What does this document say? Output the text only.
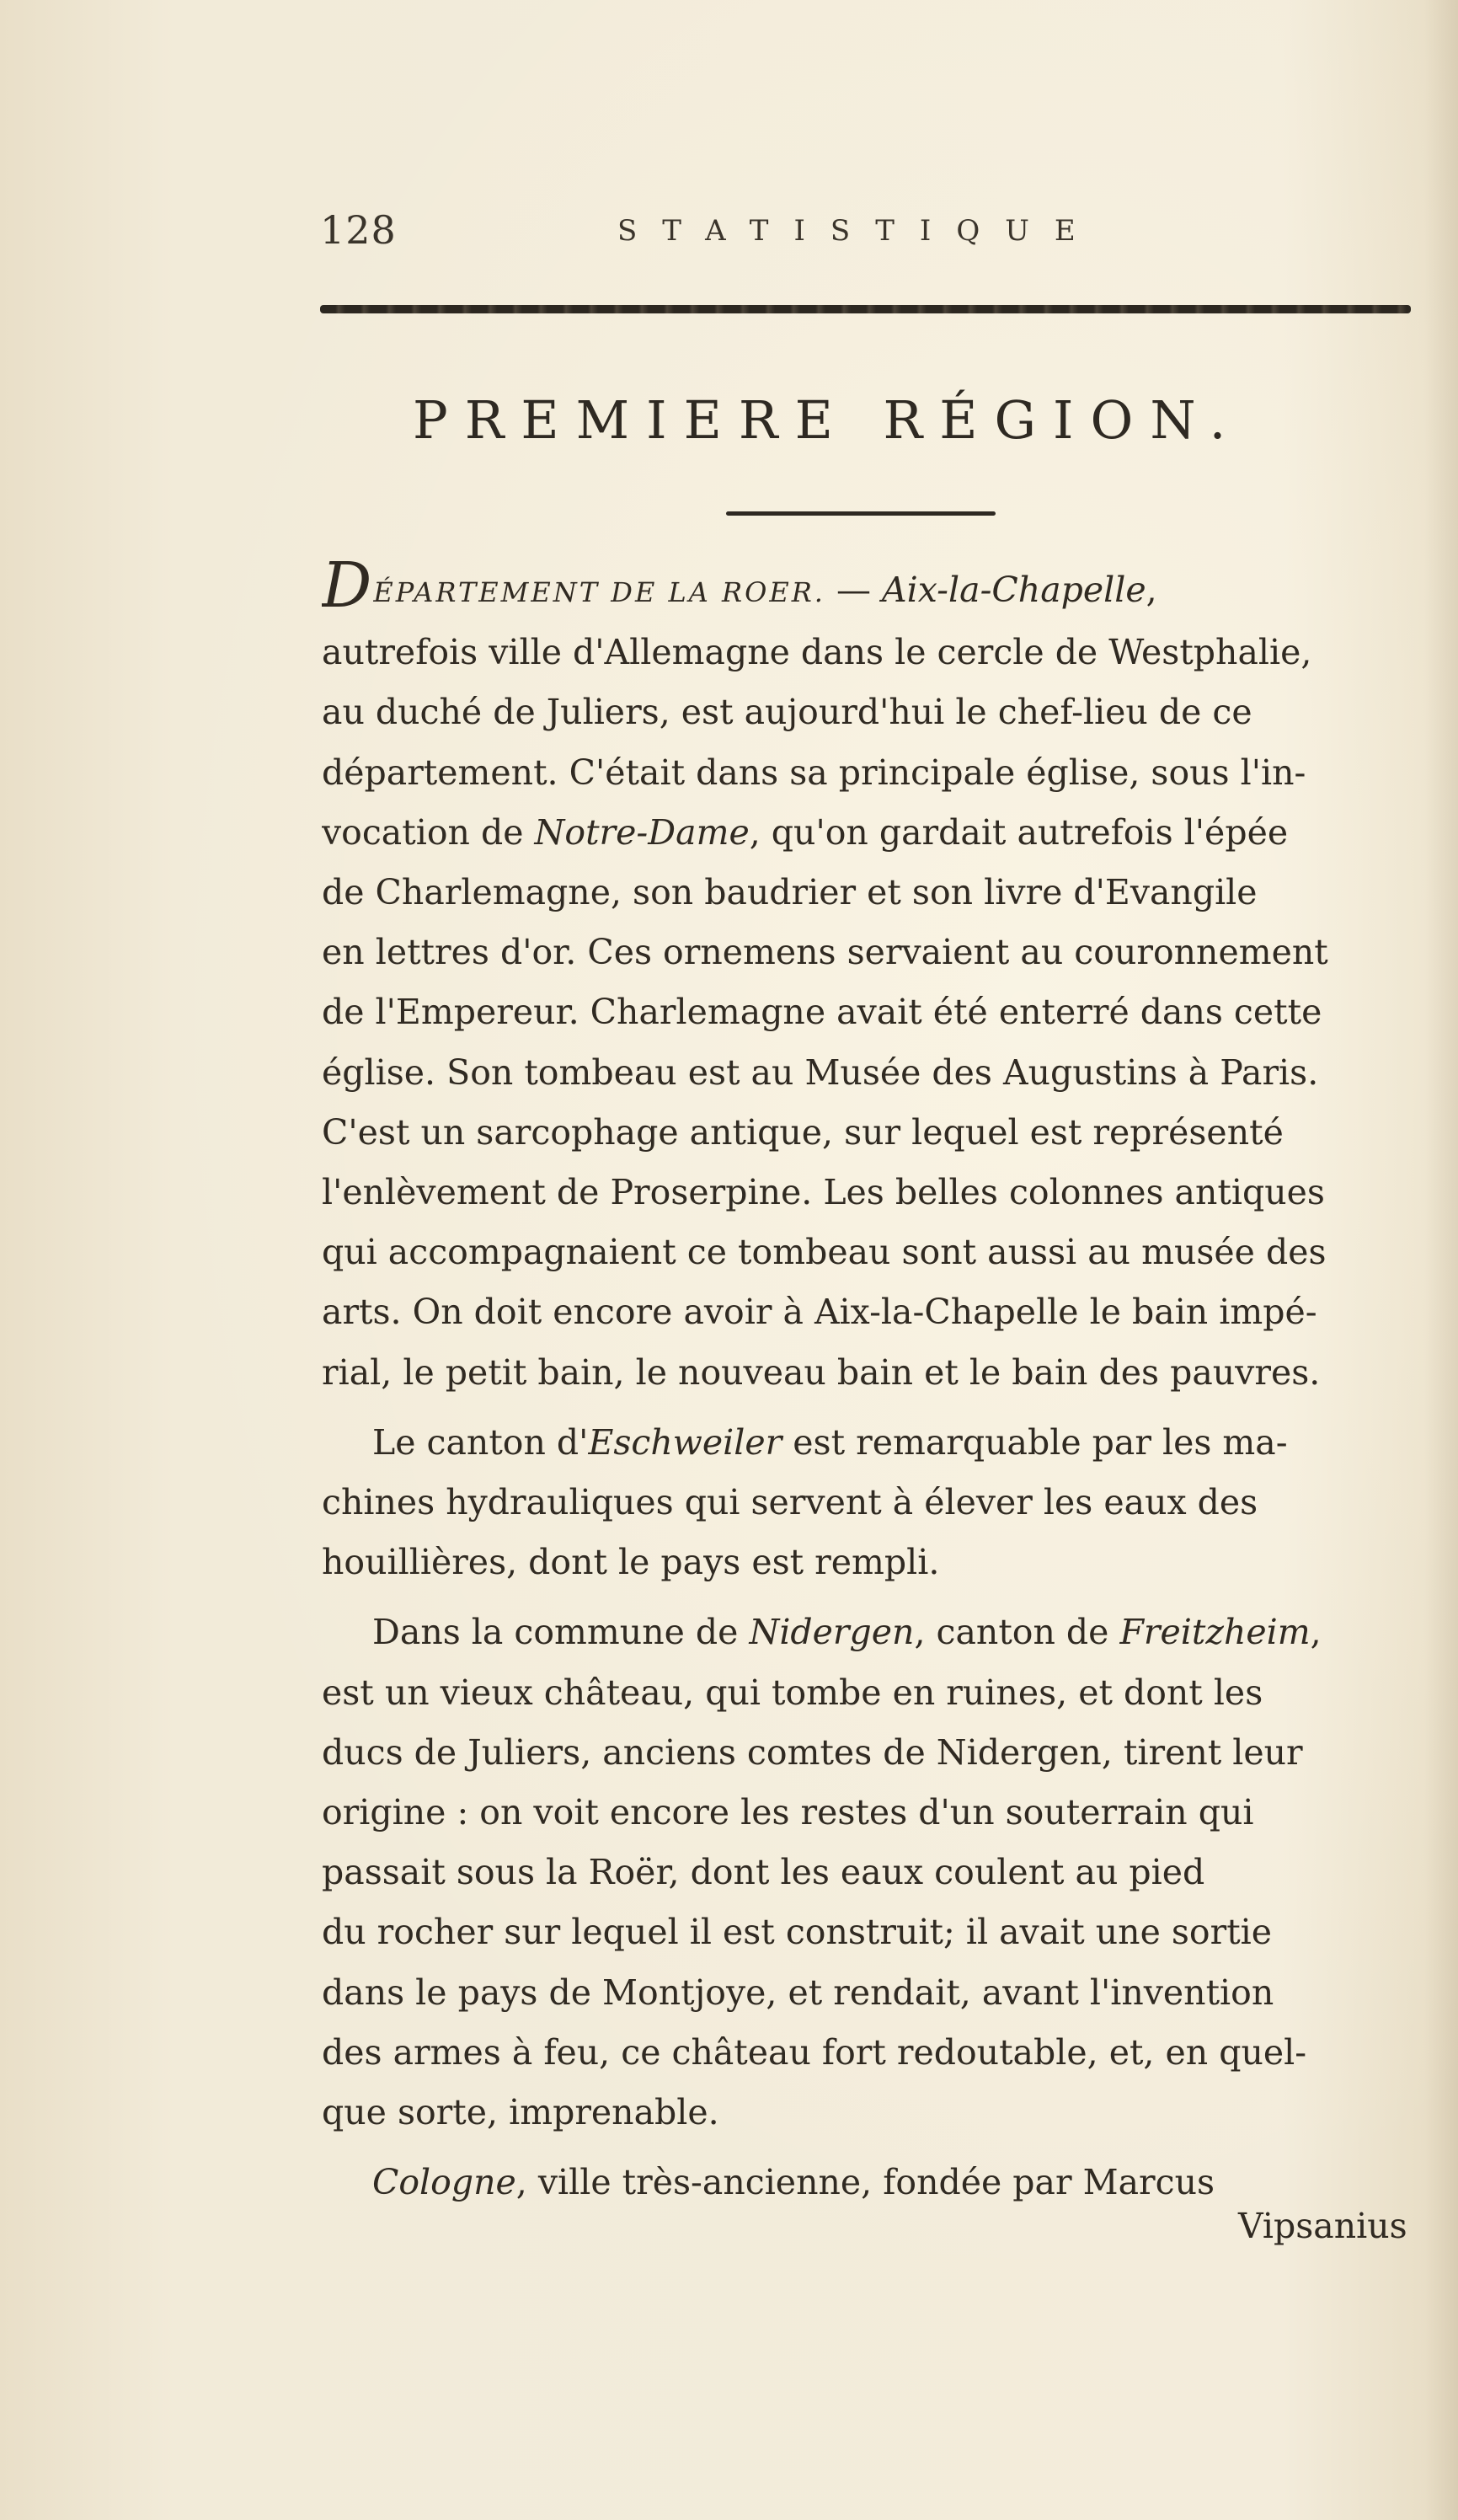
128	STATISTIQUE
PREMIERE RÉGION.

DÉPARTEMENT DE LA ROER. — Aix-la-Chapelle,
autrefois ville d'Allemagne dans le cercle de Westphalie,
au duché de Juliers, est aujourd'hui le chef-lieu de ce
département. C'était dans sa principale église, sous l'in-
vocation de Notre-Dame, qu'on gardait autrefois l'épée
de Charlemagne, son baudrier et son livre d'Evangile
en lettres d'or. Ces ornemens servaient au couronnement
de l'Empereur. Charlemagne avait été enterré dans cette
église. Son tombeau est au Musée des Augustins à Paris.
C'est un sarcophage antique, sur lequel est représenté
l'enlèvement de Proserpine. Les belles colonnes antiques
qui accompagnaient ce tombeau sont aussi au musée des
arts. On doit encore avoir à Aix-la-Chapelle le bain impé-
rial, le petit bain, le nouveau bain et le bain des pauvres.

Le canton d'Eschweiler est remarquable par les ma-
chines hydrauliques qui servent à élever les eaux des
houillières, dont le pays est rempli.

Dans la commune de Nidergen, canton de Freitzheim,
est un vieux château, qui tombe en ruines, et dont les
ducs de Juliers, anciens comtes de Nidergen, tirent leur
origine : on voit encore les restes d'un souterrain qui
passait sous la Roër, dont les eaux coulent au pied
du rocher sur lequel il est construit; il avait une sortie
dans le pays de Montjoye, et rendait, avant l'invention
des armes à feu, ce château fort redoutable, et, en quel-
que sorte, imprenable.

Cologne, ville très-ancienne, fondée par Marcus

Vipsanius
